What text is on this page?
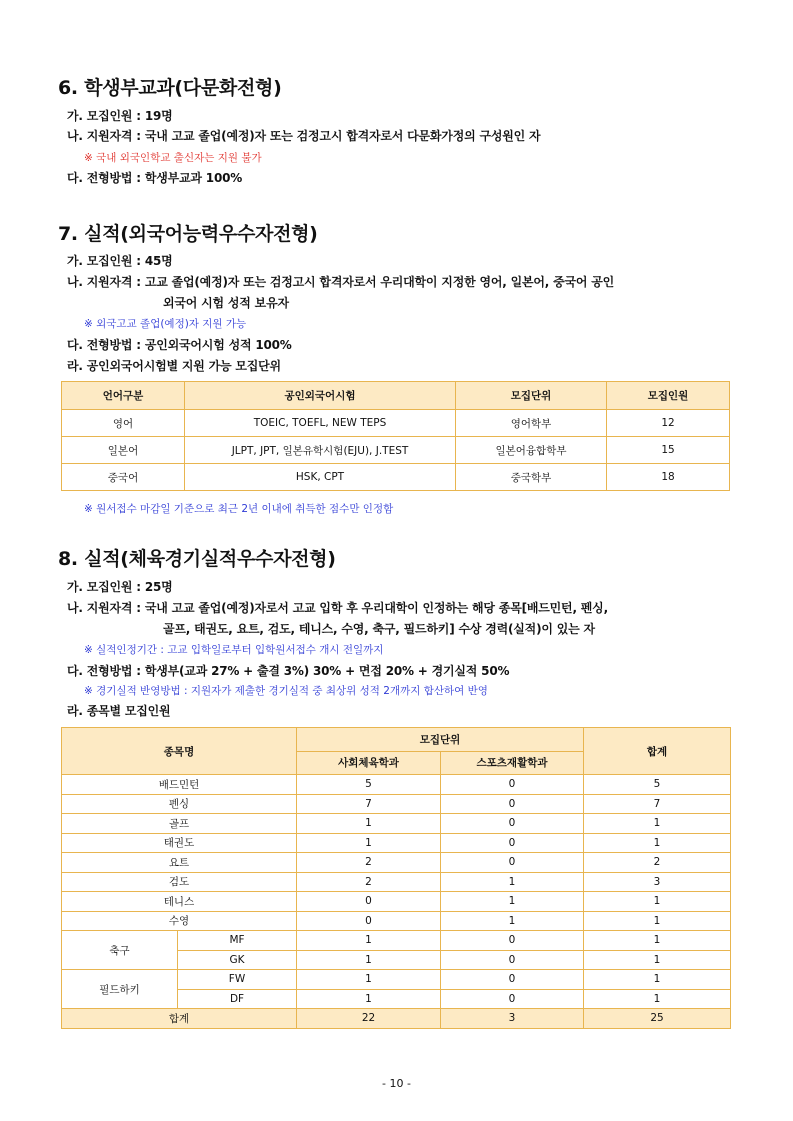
6. 학생부교과(다문화전형)
가. 모집인원 : 19명
나. 지원자격 : 국내 고교 졸업(예정)자 또는 검정고시 합격자로서 다문화가정의 구성원인 자
※ 국내 외국인학교 출신자는 지원 불가
다. 전형방법 : 학생부교과 100%
7. 실적(외국어능력우수자전형)
가. 모집인원 : 45명
나. 지원자격 : 고교 졸업(예정)자 또는 검정고시 합격자로서 우리대학이 지정한 영어, 일본어, 중국어 공인
외국어 시험 성적 보유자
※ 외국고교 졸업(예정)자 지원 가능
다. 전형방법 : 공인외국어시험 성적 100%
라. 공인외국어시험별 지원 가능 모집단위
언어구분	공인외국어시험	모집단위	모집인원
영어	TOEIC, TOEFL, NEW TEPS	영어학부	12
일본어	JLPT, JPT, 일본유학시험(EJU), J.TEST	일본어융합학부	15
중국어	HSK, CPT	중국학부	18
※ 원서접수 마감일 기준으로 최근 2년 이내에 취득한 점수만 인정함
8. 실적(체육경기실적우수자전형)
가. 모집인원 : 25명
나. 지원자격 : 국내 고교 졸업(예정)자로서 고교 입학 후 우리대학이 인정하는 해당 종목[배드민턴, 펜싱,
골프, 태권도, 요트, 검도, 테니스, 수영, 축구, 필드하키] 수상 경력(실적)이 있는 자
※ 실적인정기간 : 고교 입학일로부터 입학원서접수 개시 전일까지
다. 전형방법 : 학생부(교과 27% + 출결 3%) 30% + 면접 20% + 경기실적 50%
※ 경기실적 반영방법 : 지원자가 제출한 경기실적 중 최상위 성적 2개까지 합산하여 반영
라. 종목별 모집인원
종목명		모집단위		합계
		사회체육학과	스포츠재활학과	
배드민턴		5	0	5
펜싱		7	0	7
골프		1	0	1
태권도		1	0	1
요트		2	0	2
검도		2	1	3
테니스		0	1	1
수영		0	1	1
축구	MF	1	0	1
	GK	1	0	1
필드하키	FW	1	0	1
	DF	1	0	1
합계		22	3	25
- 10 -
